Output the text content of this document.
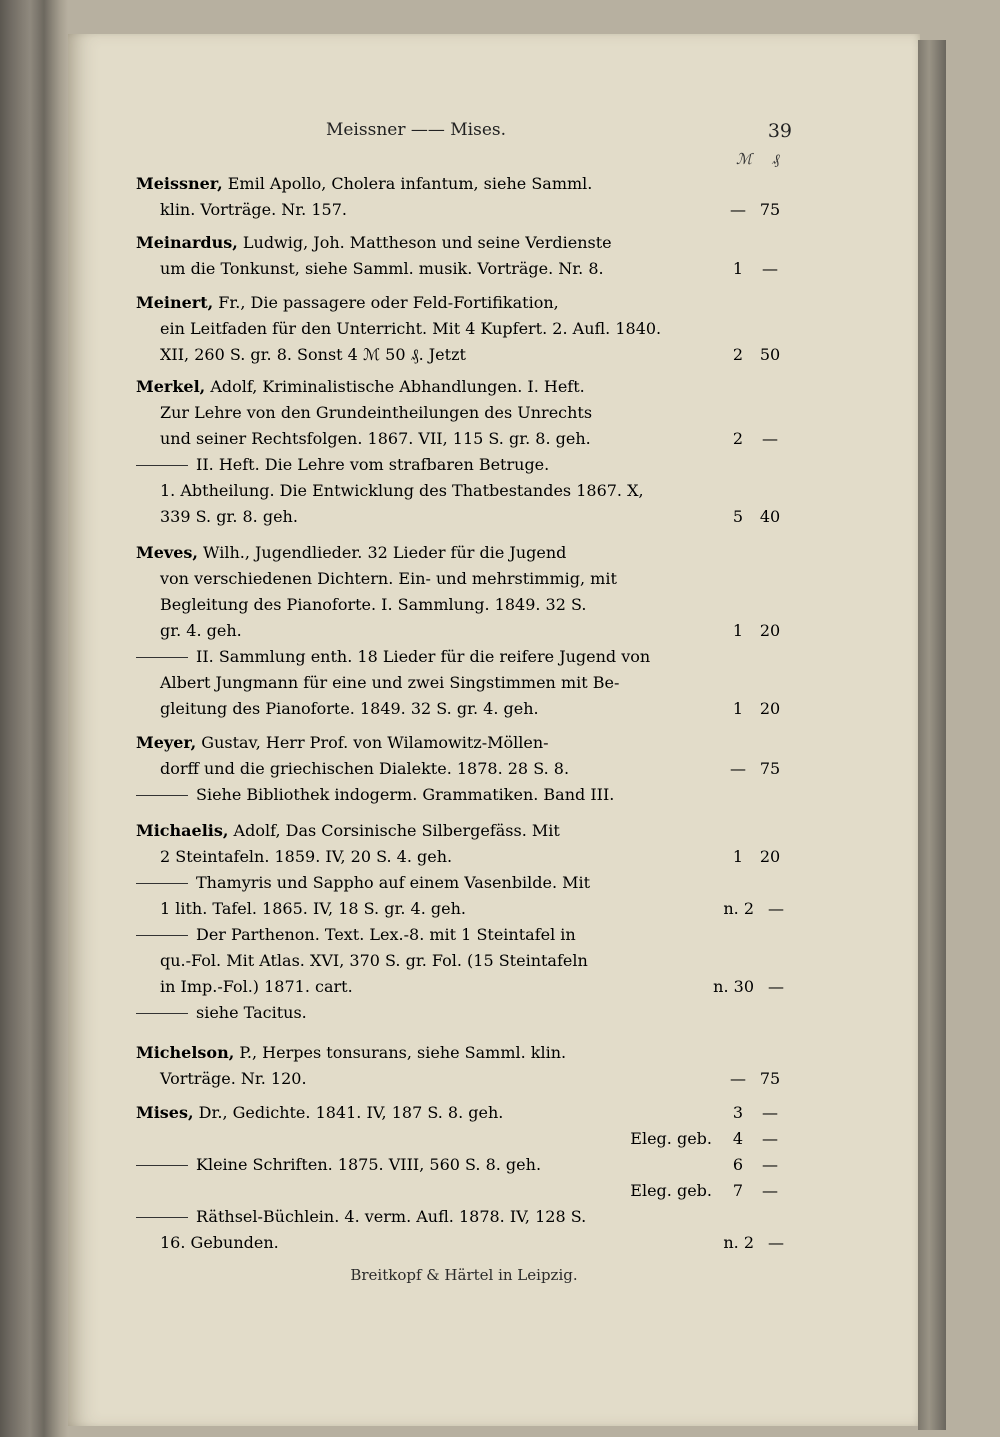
Meissner —— Mises.	39
ℳ ₰
Meissner, Emil Apollo, Cholera infantum, siehe Samml.
klin. Vorträge. Nr. 157.	— 75
Meinardus, Ludwig, Joh. Mattheson und seine Verdienste
um die Tonkunst, siehe Samml. musik. Vorträge. Nr. 8.	1 —
Meinert, Fr., Die passagere oder Feld-Fortifikation,
ein Leitfaden für den Unterricht. Mit 4 Kupfert. 2. Aufl. 1840.
XII, 260 S. gr. 8. Sonst 4 ℳ 50 ₰. Jetzt	2 50
Merkel, Adolf, Kriminalistische Abhandlungen. I. Heft.
Zur Lehre von den Grundeintheilungen des Unrechts
und seiner Rechtsfolgen. 1867. VII, 115 S. gr. 8. geh.	2 —
II. Heft. Die Lehre vom strafbaren Betruge.
1. Abtheilung. Die Entwicklung des Thatbestandes 1867. X,
339 S. gr. 8. geh.	5 40
Meves, Wilh., Jugendlieder. 32 Lieder für die Jugend
von verschiedenen Dichtern. Ein- und mehrstimmig, mit
Begleitung des Pianoforte. I. Sammlung. 1849. 32 S.
gr. 4. geh.	1 20
II. Sammlung enth. 18 Lieder für die reifere Jugend von
Albert Jungmann für eine und zwei Singstimmen mit Be-
gleitung des Pianoforte. 1849. 32 S. gr. 4. geh.	1 20
Meyer, Gustav, Herr Prof. von Wilamowitz-Möllen-
dorff und die griechischen Dialekte. 1878. 28 S. 8.	— 75
Siehe Bibliothek indogerm. Grammatiken. Band III.
Michaelis, Adolf, Das Corsinische Silbergefäss. Mit
2 Steintafeln. 1859. IV, 20 S. 4. geh.	1 20
Thamyris und Sappho auf einem Vasenbilde. Mit
1 lith. Tafel. 1865. IV, 18 S. gr. 4. geh.	n. 2 —
Der Parthenon. Text. Lex.-8. mit 1 Steintafel in
qu.-Fol. Mit Atlas. XVI, 370 S. gr. Fol. (15 Steintafeln
in Imp.-Fol.) 1871. cart.	n. 30 —
siehe Tacitus.
Michelson, P., Herpes tonsurans, siehe Samml. klin.
Vorträge. Nr. 120.	— 75
Mises, Dr., Gedichte. 1841. IV, 187 S. 8. geh.	3 —
Eleg. geb.	4 —
Kleine Schriften. 1875. VIII, 560 S. 8. geh.	6 —
Eleg. geb.	7 —
Räthsel-Büchlein. 4. verm. Aufl. 1878. IV, 128 S.
16. Gebunden.	n. 2 —
Breitkopf & Härtel in Leipzig.
